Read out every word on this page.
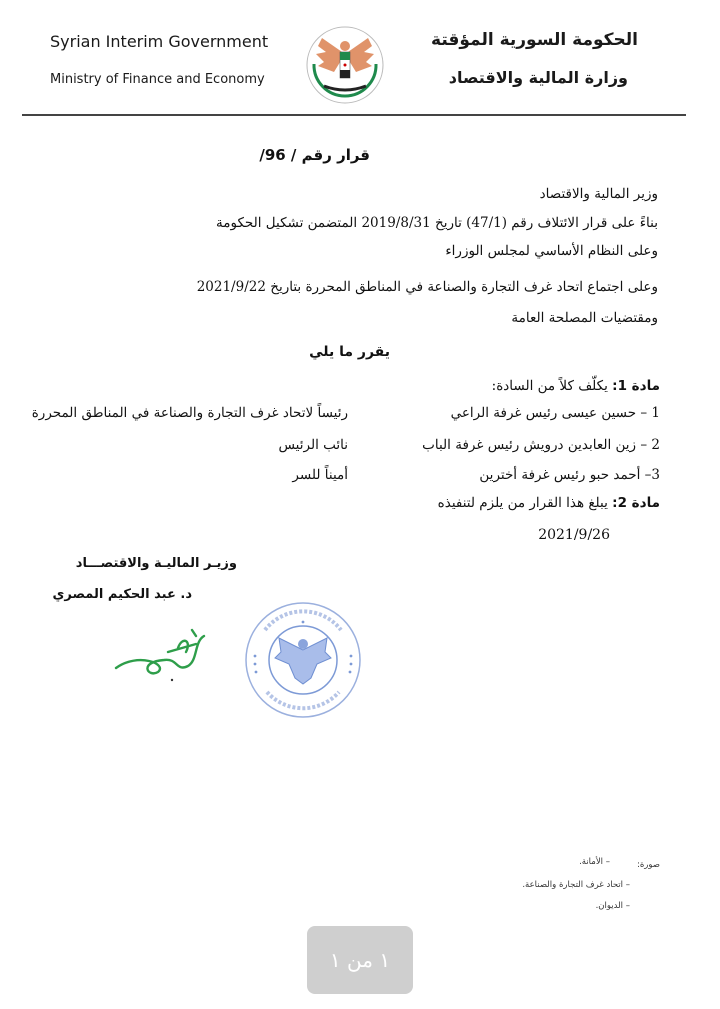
Syrian Interim Government
Ministry of Finance and Economy
الحكومة السورية المؤقتة
وزارة المالية والاقتصاد
قرار رقم / 96/
وزير المالية والاقتصاد
بناءً على قرار الائتلاف رقم (47/1) تاريخ 2019/8/31 المتضمن تشكيل الحكومة
وعلى النظام الأساسي لمجلس الوزراء
وعلى اجتماع اتحاد غرف التجارة والصناعة في المناطق المحررة بتاريخ 2021/9/22
ومقتضيات المصلحة العامة
يقرر ما يلي
مادة 1: يكلّف كلاً من السادة:
1 – حسين عيسى رئيس غرفة الراعي
رئيساً لاتحاد غرف التجارة والصناعة في المناطق المحررة
2 – زين العابدين درويش رئيس غرفة الباب
نائب الرئيس
3– أحمد حبو رئيس غرفة أخترين
أميناً للسر
مادة 2: يبلغ هذا القرار من يلزم لتنفيذه
2021/9/26
وزيـر الماليـة والاقتصـــاد
د. عبد الحكيم المصري
صورة:
– الأمانة.
– اتحاد غرف التجارة والصناعة.
– الديوان.
١ من ١
